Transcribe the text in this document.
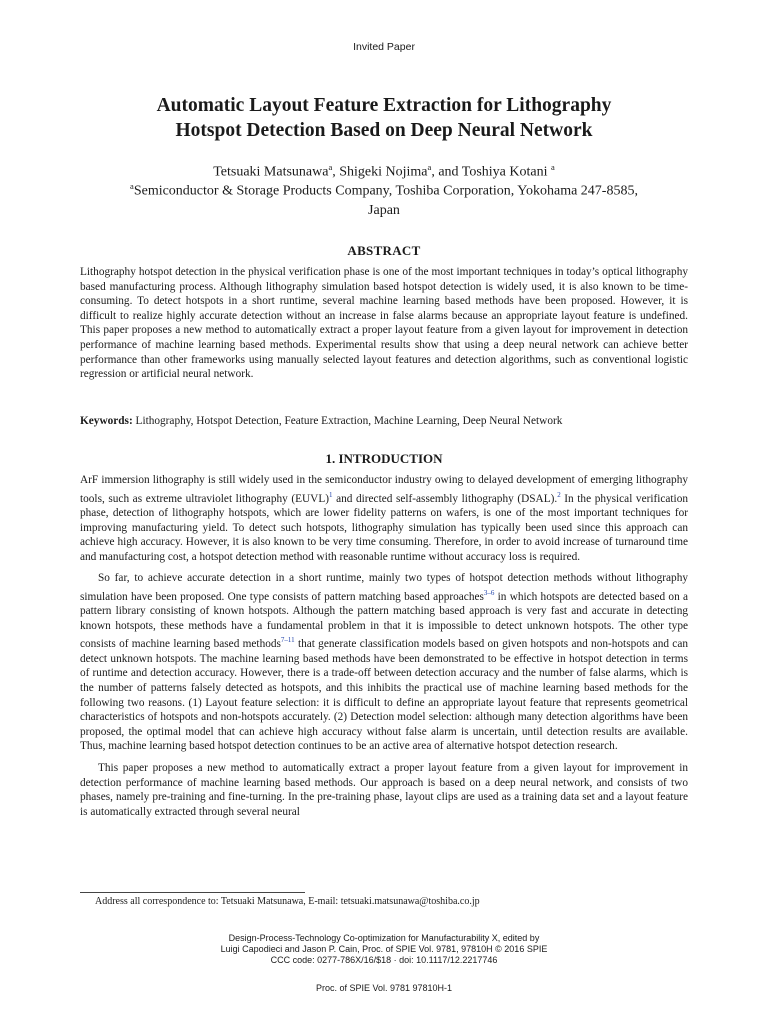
Invited Paper
Automatic Layout Feature Extraction for Lithography
Hotspot Detection Based on Deep Neural Network
Tetsuaki Matsunawa$^a$, Shigeki Nojima$^a$, and Toshiya Kotani $^a$
$^a$Semiconductor & Storage Products Company, Toshiba Corporation, Yokohama 247-8585,
Japan
ABSTRACT
Lithography hotspot detection in the physical verification phase is one of the most important techniques in today’s optical lithography based manufacturing process. Although lithography simulation based hotspot detection is widely used, it is also known to be time-consuming. To detect hotspots in a short runtime, several machine learning based methods have been proposed. However, it is difficult to realize highly accurate detection without an increase in false alarms because an appropriate layout feature is undefined. This paper proposes a new method to automatically extract a proper layout feature from a given layout for improvement in detection performance of machine learning based methods. Experimental results show that using a deep neural network can achieve better performance than other frameworks using manually selected layout features and detection algorithms, such as conventional logistic regression or artificial neural network.
Keywords: Lithography, Hotspot Detection, Feature Extraction, Machine Learning, Deep Neural Network
1. INTRODUCTION

ArF immersion lithography is still widely used in the semiconductor industry owing to delayed development of emerging lithography tools, such as extreme ultraviolet lithography (EUVL)$^1$ and directed self-assembly lithography (DSAL).$^2$ In the physical verification phase, detection of lithography hotspots, which are lower fidelity patterns on wafers, is one of the most important techniques for improving manufacturing yield. To detect such hotspots, lithography simulation has typically been used since this approach can achieve high accuracy. However, it is also known to be very time consuming. Therefore, in order to avoid increase of turnaround time and manufacturing cost, a hotspot detection method with reasonable runtime without accuracy loss is required.

So far, to achieve accurate detection in a short runtime, mainly two types of hotspot detection methods without lithography simulation have been proposed. One type consists of pattern matching based approaches$^{3-6}$ in which hotspots are detected based on a pattern library consisting of known hotspots. Although the pattern matching based approach is very fast and accurate in detecting known hotspots, these methods have a fundamental problem in that it is impossible to detect unknown hotspots. The other type consists of machine learning based methods$^{7-11}$ that generate classification models based on given hotspots and non-hotspots and can detect unknown hotspots. The machine learning based methods have been demonstrated to be effective in hotspot detection in terms of runtime and detection accuracy. However, there is a trade-off between detection accuracy and the number of false alarms, which is the number of patterns falsely detected as hotspots, and this inhibits the practical use of machine learning based methods for the following two reasons. (1) Layout feature selection: it is difficult to define an appropriate layout feature that represents geometrical characteristics of hotspots and non-hotspots accurately. (2) Detection model selection: although many detection algorithms have been proposed, the optimal model that can achieve high accuracy without false alarm is uncertain, until detection results are available. Thus, machine learning based hotspot detection continues to be an active area of alternative hotspot detection research.

This paper proposes a new method to automatically extract a proper layout feature from a given layout for improvement in detection performance of machine learning based methods. Our approach is based on a deep neural network, and consists of two phases, namely pre-training and fine-turning. In the pre-training phase, layout clips are used as a training data set and a layout feature is automatically extracted through several neural

Address all correspondence to: Tetsuaki Matsunawa, E-mail: tetsuaki.matsunawa@toshiba.co.jp
Design-Process-Technology Co-optimization for Manufacturability X, edited by
Luigi Capodieci and Jason P. Cain, Proc. of SPIE Vol. 9781, 97810H © 2016 SPIE
CCC code: 0277-786X/16/$18 · doi: 10.1117/12.2217746
Proc. of SPIE Vol. 9781 97810H-1
